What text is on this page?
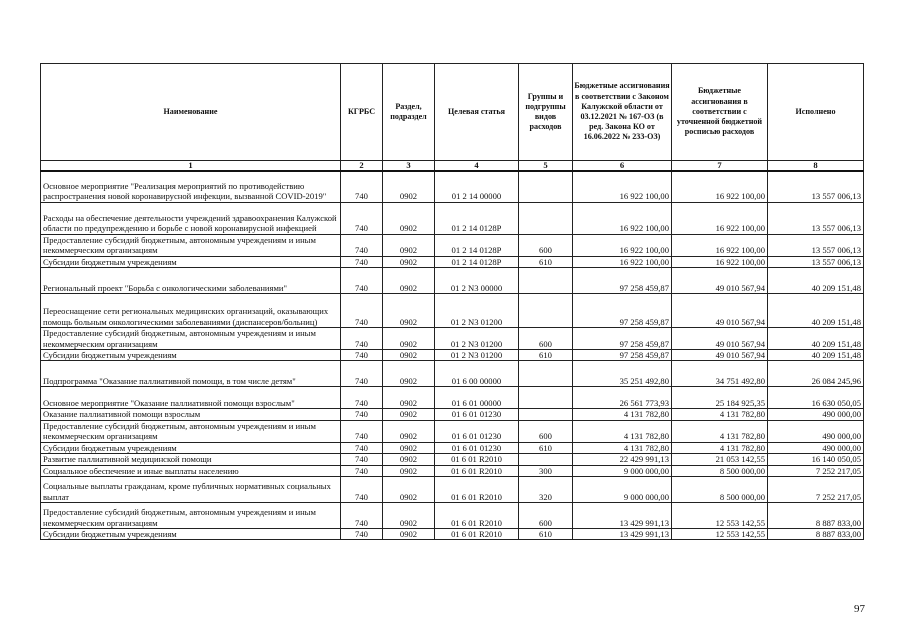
Наименование	КГРБС	Раздел, подраздел	Целевая статья	Группы и подгруппы видов расходов	Бюджетные ассигнования в соответствии с Законом Калужской области от 03.12.2021 № 167-ОЗ (в ред. Закона КО от 16.06.2022 № 233-ОЗ)	Бюджетные ассигнования в соответствии с уточненной бюджетной росписью расходов	Исполнено
1	2	3	4	5	6	7	8
Основное мероприятие "Реализация мероприятий по противодействию распространения новой коронавирусной инфекции, вызванной COVID-2019"	740	0902	01 2 14 00000		16 922 100,00	16 922 100,00	13 557 006,13
Расходы на обеспечение деятельности учреждений здравоохранения Калужской области по предупреждению и борьбе с новой коронавирусной инфекцией	740	0902	01 2 14 0128Р		16 922 100,00	16 922 100,00	13 557 006,13
Предоставление субсидий бюджетным, автономным учреждениям и иным некоммерческим организациям	740	0902	01 2 14 0128Р	600	16 922 100,00	16 922 100,00	13 557 006,13
Субсидии бюджетным учреждениям	740	0902	01 2 14 0128Р	610	16 922 100,00	16 922 100,00	13 557 006,13
Региональный проект "Борьба с онкологическими заболеваниями"	740	0902	01 2 N3 00000		97 258 459,87	49 010 567,94	40 209 151,48
Переоснащение сети региональных медицинских организаций, оказывающих помощь больным онкологическими заболеваниями (диспансеров/больниц)	740	0902	01 2 N3 01200		97 258 459,87	49 010 567,94	40 209 151,48
Предоставление субсидий бюджетным, автономным учреждениям и иным некоммерческим организациям	740	0902	01 2 N3 01200	600	97 258 459,87	49 010 567,94	40 209 151,48
Субсидии бюджетным учреждениям	740	0902	01 2 N3 01200	610	97 258 459,87	49 010 567,94	40 209 151,48
Подпрограмма "Оказание паллиативной помощи, в том числе детям"	740	0902	01 6 00 00000		35 251 492,80	34 751 492,80	26 084 245,96
Основное мероприятие "Оказание паллиативной помощи взрослым"	740	0902	01 6 01 00000		26 561 773,93	25 184 925,35	16 630 050,05
Оказание паллиативной помощи взрослым	740	0902	01 6 01 01230		4 131 782,80	4 131 782,80	490 000,00
Предоставление субсидий бюджетным, автономным учреждениям и иным некоммерческим организациям	740	0902	01 6 01 01230	600	4 131 782,80	4 131 782,80	490 000,00
Субсидии бюджетным учреждениям	740	0902	01 6 01 01230	610	4 131 782,80	4 131 782,80	490 000,00
Развитие паллиативной медицинской помощи	740	0902	01 6 01 R2010		22 429 991,13	21 053 142,55	16 140 050,05
Социальное обеспечение и иные выплаты населению	740	0902	01 6 01 R2010	300	9 000 000,00	8 500 000,00	7 252 217,05
Социальные выплаты гражданам, кроме публичных нормативных социальных выплат	740	0902	01 6 01 R2010	320	9 000 000,00	8 500 000,00	7 252 217,05
Предоставление субсидий бюджетным, автономным учреждениям и иным некоммерческим организациям	740	0902	01 6 01 R2010	600	13 429 991,13	12 553 142,55	8 887 833,00
Субсидии бюджетным учреждениям	740	0902	01 6 01 R2010	610	13 429 991,13	12 553 142,55	8 887 833,00
97
